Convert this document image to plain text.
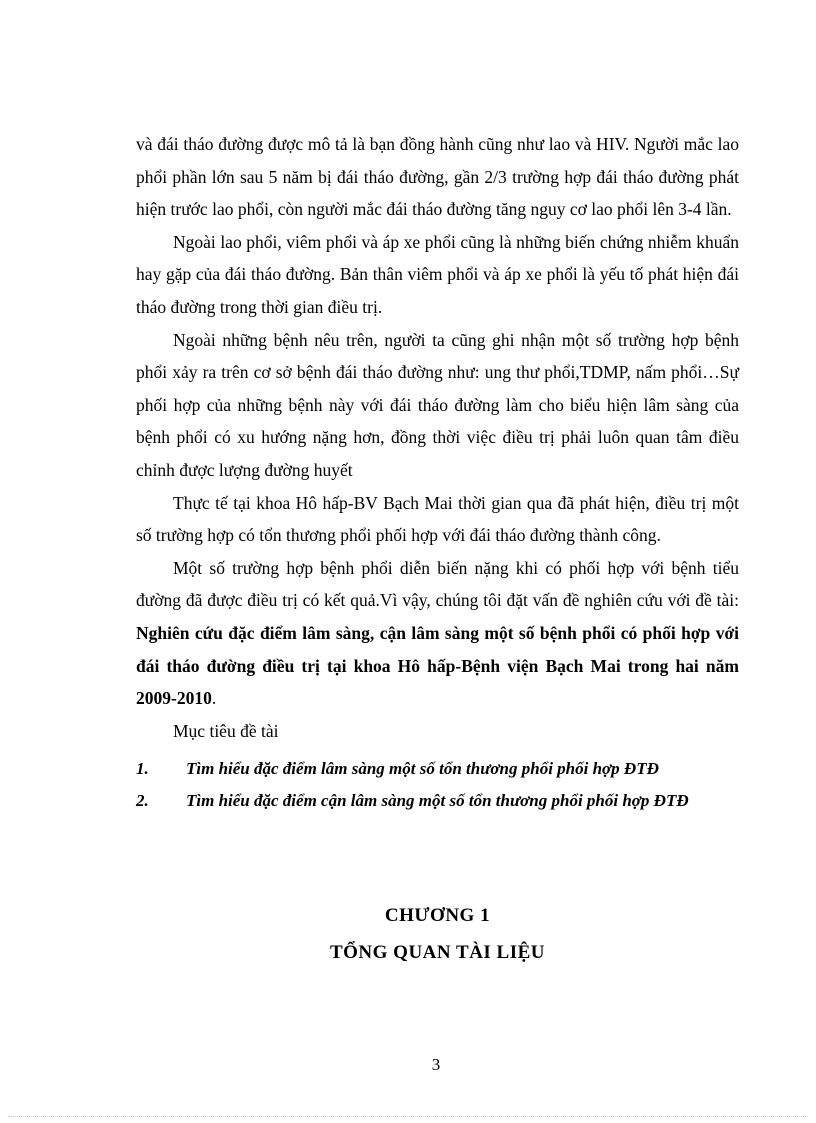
và đái tháo đường được mô tả là bạn đồng hành cũng như lao và HIV. Người mắc lao phổi phần lớn sau 5 năm bị đái tháo đường, gần 2/3 trường hợp đái tháo đường phát hiện trước lao phổi, còn người mắc đái tháo đường tăng nguy cơ lao phổi lên 3-4 lần.

Ngoài lao phổi, viêm phổi và áp xe phổi cũng là những biến chứng nhiễm khuẩn hay gặp của đái tháo đường. Bản thân viêm phổi và áp xe phổi là yếu tố phát hiện đái tháo đường trong thời gian điều trị.

Ngoài những bệnh nêu trên, người ta cũng ghi nhận một số trường hợp bệnh phổi xảy ra trên cơ sở bệnh đái tháo đường như: ung thư phổi,TDMP, nấm phổi…Sự phối hợp của những bệnh này với đái tháo đường làm cho biểu hiện lâm sàng của bệnh phổi có xu hướng nặng hơn, đồng thời việc điều trị phải luôn quan tâm điều chỉnh được lượng đường huyết

Thực tế tại khoa Hô hấp-BV Bạch Mai thời gian qua đã phát hiện, điều trị một số trường hợp có tổn thương phổi phối hợp với đái tháo đường thành công.

Một số trường hợp bệnh phổi diễn biến nặng khi có phối hợp với bệnh tiểu đường đã được điều trị có kết quả.Vì vậy, chúng tôi đặt vấn đề nghiên cứu với đề tài: Nghiên cứu đặc điểm lâm sàng, cận lâm sàng một số bệnh phổi có phối hợp với đái tháo đường điều trị tại khoa Hô hấp-Bệnh viện Bạch Mai trong hai năm 2009-2010.

Mục tiêu đề tài

1.	Tìm hiểu đặc điểm lâm sàng một số tổn thương phổi phối hợp ĐTĐ
2.	Tìm hiểu đặc điểm cận lâm sàng một số tổn thương phổi phối hợp ĐTĐ
CHƯƠNG 1
TỔNG QUAN TÀI LIỆU
3
